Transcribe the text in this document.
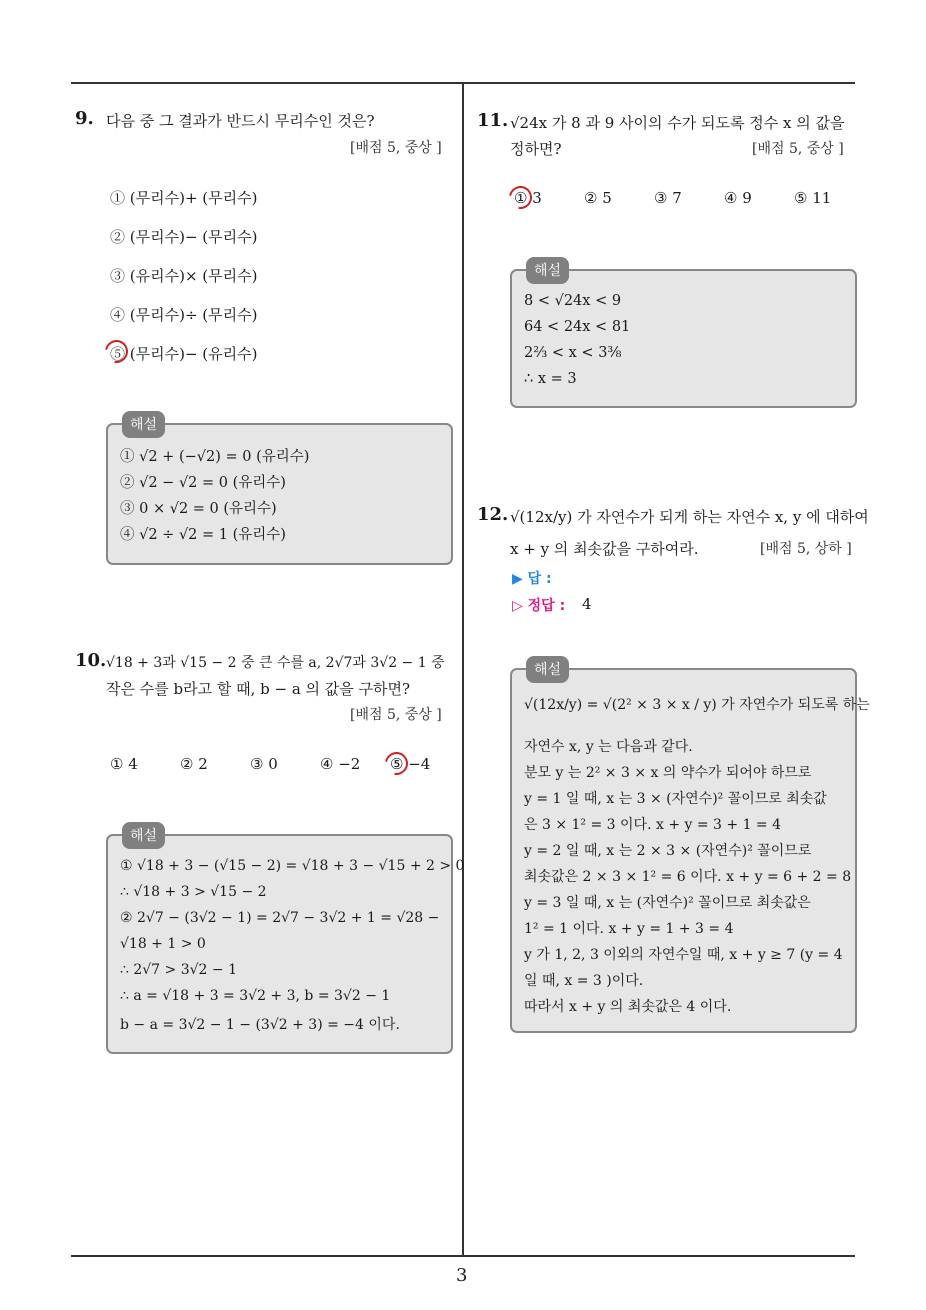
3
9. 다음 중 그 결과가 반드시 무리수인 것은?
[배점 5, 중상 ]
① (무리수)+ (무리수)
② (무리수)− (무리수)
③ (유리수)× (무리수)
④ (무리수)÷ (무리수)
⑤ (무리수)− (유리수)
해설
① √2 + (−√2) = 0 (유리수)
② √2 − √2 = 0 (유리수)
③ 0 × √2 = 0 (유리수)
④ √2 ÷ √2 = 1 (유리수)
10. √18 + 3과 √15 − 2 중 큰 수를 a, 2√7과 3√2 − 1 중
작은 수를 b라고 할 때, b − a 의 값을 구하면?
[배점 5, 중상 ]
① 4	② 2	③ 0	④ −2 ⑤ −4
해설
① √18 + 3 − (√15 − 2) = √18 + 3 − √15 + 2 > 0
∴ √18 + 3 > √15 − 2
② 2√7 − (3√2 − 1) = 2√7 − 3√2 + 1 = √28 −
√18 + 1 > 0
∴ 2√7 > 3√2 − 1
∴ a = √18 + 3 = 3√2 + 3, b = 3√2 − 1
b − a = 3√2 − 1 − (3√2 + 3) = −4 이다.
11. √24x 가 8 과 9 사이의 수가 되도록 정수 x 의 값을
정하면?	[배점 5, 중상 ]
① 3	② 5	③ 7	④ 9	⑤ 11
해설
8 < √24x < 9
64 < 24x < 81
2⅔ < x < 3⅜
∴ x = 3
12. √(12x/y) 가 자연수가 되게 하는 자연수 x, y 에 대하여
x + y 의 최솟값을 구하여라.	[배점 5, 상하 ]
▶ 답 :
▷ 정답 : 4
해설
√(12x/y) = √(2² × 3 × x / y) 가 자연수가 되도록 하는
자연수 x, y 는 다음과 같다.
분모 y 는 2² × 3 × x 의 약수가 되어야 하므로
y = 1 일 때, x 는 3 × (자연수)² 꼴이므로 최솟값
은 3 × 1² = 3 이다. x + y = 3 + 1 = 4
y = 2 일 때, x 는 2 × 3 × (자연수)² 꼴이므로
최솟값은 2 × 3 × 1² = 6 이다. x + y = 6 + 2 = 8
y = 3 일 때, x 는 (자연수)² 꼴이므로 최솟값은
1² = 1 이다. x + y = 1 + 3 = 4
y 가 1, 2, 3 이외의 자연수일 때, x + y ≥ 7 (y = 4
일 때, x = 3 )이다.
따라서 x + y 의 최솟값은 4 이다.
